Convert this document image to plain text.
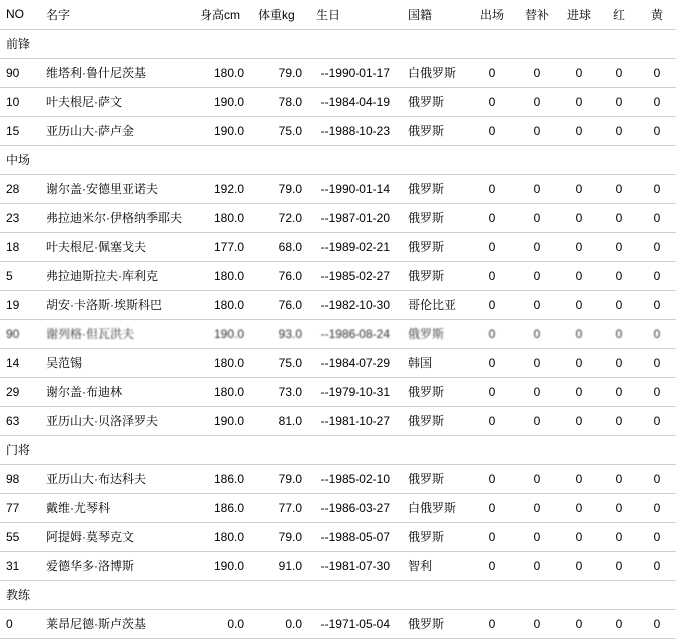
NO	名字	身高cm	体重kg	生日	国籍	出场	替补	进球	红	黄
前锋										
90	维塔利·鲁什尼茨基	180.0	79.0	--1990-01-17	白俄罗斯	0	0	0	0	0
10	叶夫根尼·萨文	190.0	78.0	--1984-04-19	俄罗斯	0	0	0	0	0
15	亚历山大·萨卢金	190.0	75.0	--1988-10-23	俄罗斯	0	0	0	0	0
中场										
28	谢尔盖·安德里亚诺夫	192.0	79.0	--1990-01-14	俄罗斯	0	0	0	0	0
23	弗拉迪米尔·伊格纳季耶夫	180.0	72.0	--1987-01-20	俄罗斯	0	0	0	0	0
18	叶夫根尼·佩塞戈夫	177.0	68.0	--1989-02-21	俄罗斯	0	0	0	0	0
5	弗拉迪斯拉夫·库利克	180.0	76.0	--1985-02-27	俄罗斯	0	0	0	0	0
19	胡安·卡洛斯·埃斯科巴	180.0	76.0	--1982-10-30	哥伦比亚	0	0	0	0	0
90	谢列格·但瓦洪夫	190.0	93.0	--1986-08-24	俄罗斯	0	0	0	0	0
14	吴范锡	180.0	75.0	--1984-07-29	韩国	0	0	0	0	0
29	谢尔盖·布迪林	180.0	73.0	--1979-10-31	俄罗斯	0	0	0	0	0
63	亚历山大·贝洛泽罗夫	190.0	81.0	--1981-10-27	俄罗斯	0	0	0	0	0
门将										
98	亚历山大·布达科夫	186.0	79.0	--1985-02-10	俄罗斯	0	0	0	0	0
77	戴维·尤琴科	186.0	77.0	--1986-03-27	白俄罗斯	0	0	0	0	0
55	阿提姆·莫琴克文	180.0	79.0	--1988-05-07	俄罗斯	0	0	0	0	0
31	爱德华多·洛博斯	190.0	91.0	--1981-07-30	智利	0	0	0	0	0
教练										
0	莱昂尼德·斯卢茨基	0.0	0.0	--1971-05-04	俄罗斯	0	0	0	0	0
